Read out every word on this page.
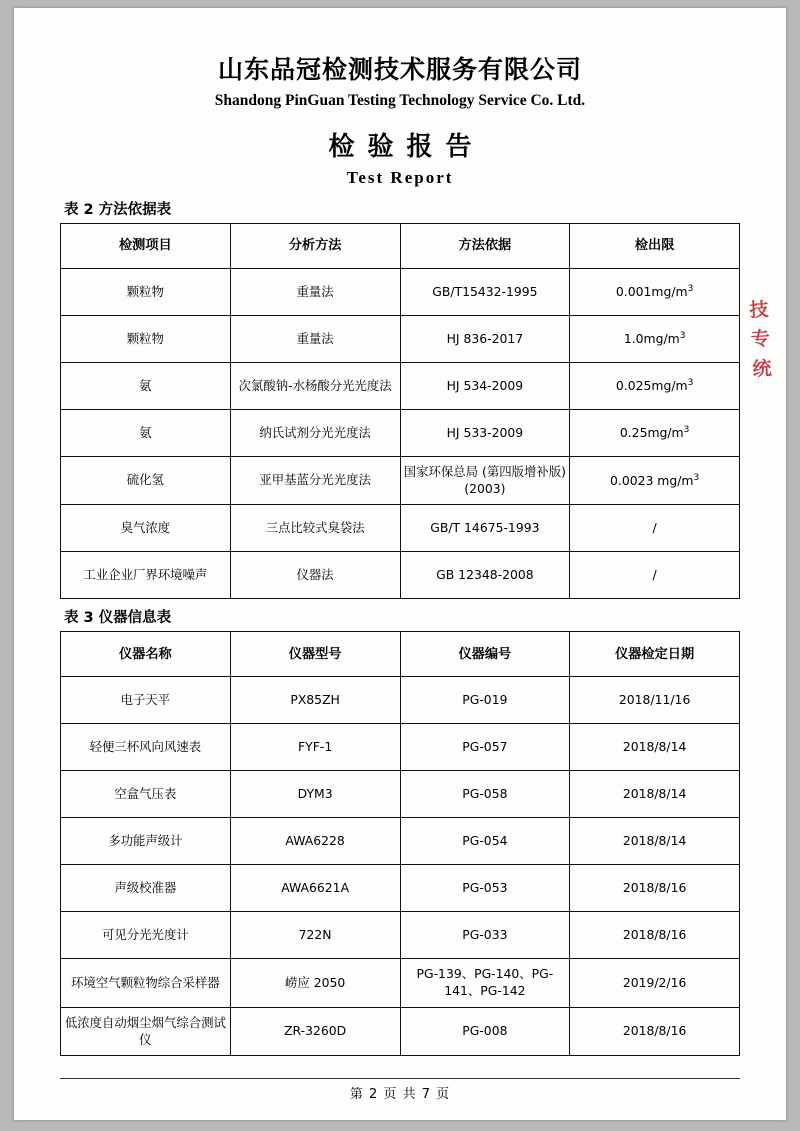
山东品冠检测技术服务有限公司
Shandong PinGuan Testing Technology Service Co. Ltd.
检验报告
Test Report
表 2 方法依据表
检测项目	分析方法	方法依据	检出限
颗粒物	重量法	GB/T15432-1995	$0.001mg/m^3$
颗粒物	重量法	HJ 836-2017	$1.0mg/m^3$
氨	次氯酸钠-水杨酸分光光度法	HJ 534-2009	$0.025mg/m^3$
氨	纳氏试剂分光光度法	HJ 533-2009	$0.25mg/m^3$
硫化氢	亚甲基蓝分光光度法	国家环保总局 (第四版增补版) (2003)	0.0023 $mg/m^3$
臭气浓度	三点比较式臭袋法	GB/T 14675-1993	/
工业企业厂界环境噪声	仪器法	GB 12348-2008	/
表 3 仪器信息表
仪器名称	仪器型号	仪器编号	仪器检定日期
电子天平	PX85ZH	PG-019	2018/11/16
轻便三杯风向风速表	FYF-1	PG-057	2018/8/14
空盒气压表	DYM3	PG-058	2018/8/14
多功能声级计	AWA6228	PG-054	2018/8/14
声级校准器	AWA6621A	PG-053	2018/8/16
可见分光光度计	722N	PG-033	2018/8/16
环境空气颗粒物综合采样器	崂应 2050	PG-139、PG-140、PG-141、PG-142	2019/2/16
低浓度自动烟尘烟气综合测试仪	ZR-3260D	PG-008	2018/8/16
技
专
统
第 2 页 共 7 页
